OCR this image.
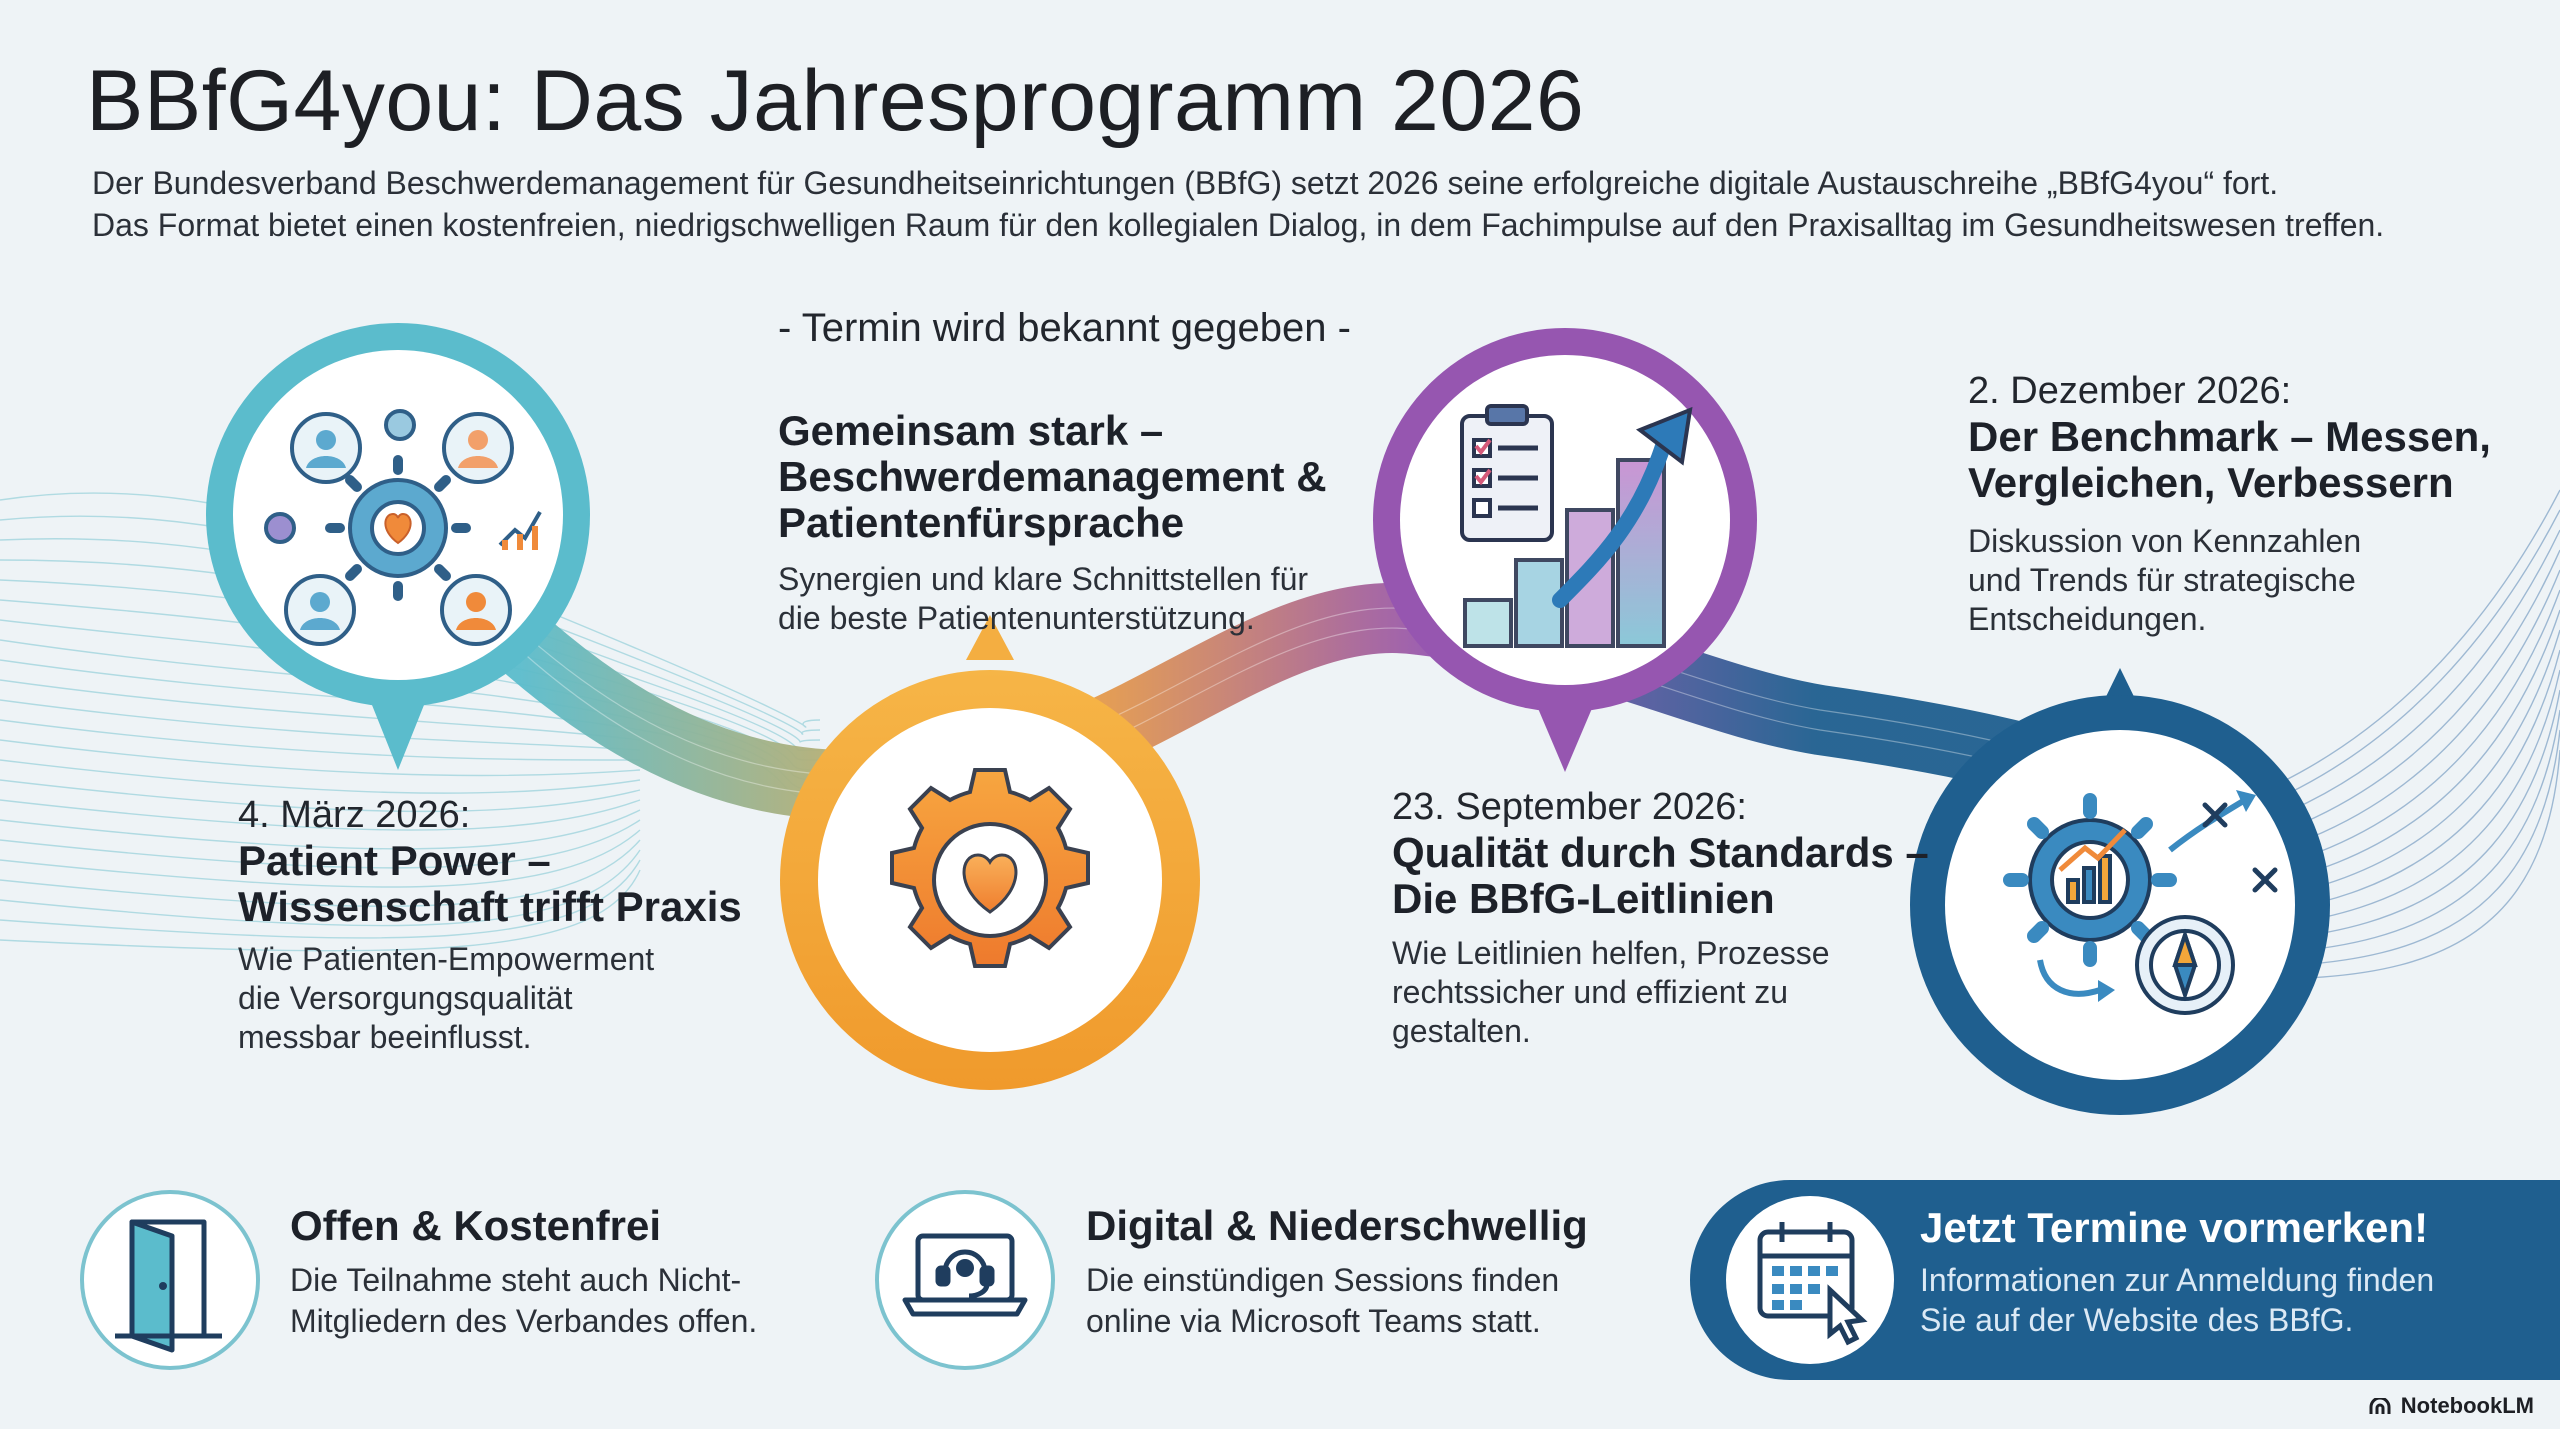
BBfG4you: Das Jahresprogramm 2026
Der Bundesverband Beschwerdemanagement für Gesundheitseinrichtungen (BBfG) setzt 2026 seine erfolgreiche digitale Austauschreihe „BBfG4you“ fort.
Das Format bietet einen kostenfreien, niedrigschwelligen Raum für den kollegialen Dialog, in dem Fachimpulse auf den Praxisalltag im Gesundheitswesen treffen.
4. März 2026:
Patient Power –
Wissenschaft trifft Praxis
Wie Patienten-Empowerment
die Versorgungsqualität
messbar beeinflusst.
- Termin wird bekannt gegeben -
Gemeinsam stark –
Beschwerdemanagement &
Patientenfürsprache
Synergien und klare Schnittstellen für
die beste Patientenunterstützung.
23. September 2026:
Qualität durch Standards –
Die BBfG-Leitlinien
Wie Leitlinien helfen, Prozesse
rechtssicher und effizient zu
gestalten.
2. Dezember 2026:
Der Benchmark – Messen,
Vergleichen, Verbessern
Diskussion von Kennzahlen
und Trends für strategische
Entscheidungen.
Offen & Kostenfrei
Die Teilnahme steht auch Nicht-
Mitgliedern des Verbandes offen.
Digital & Niederschwellig
Die einstündigen Sessions finden
online via Microsoft Teams statt.
Jetzt Termine vormerken!
Informationen zur Anmeldung finden
Sie auf der Website des BBfG.
NotebookLM
